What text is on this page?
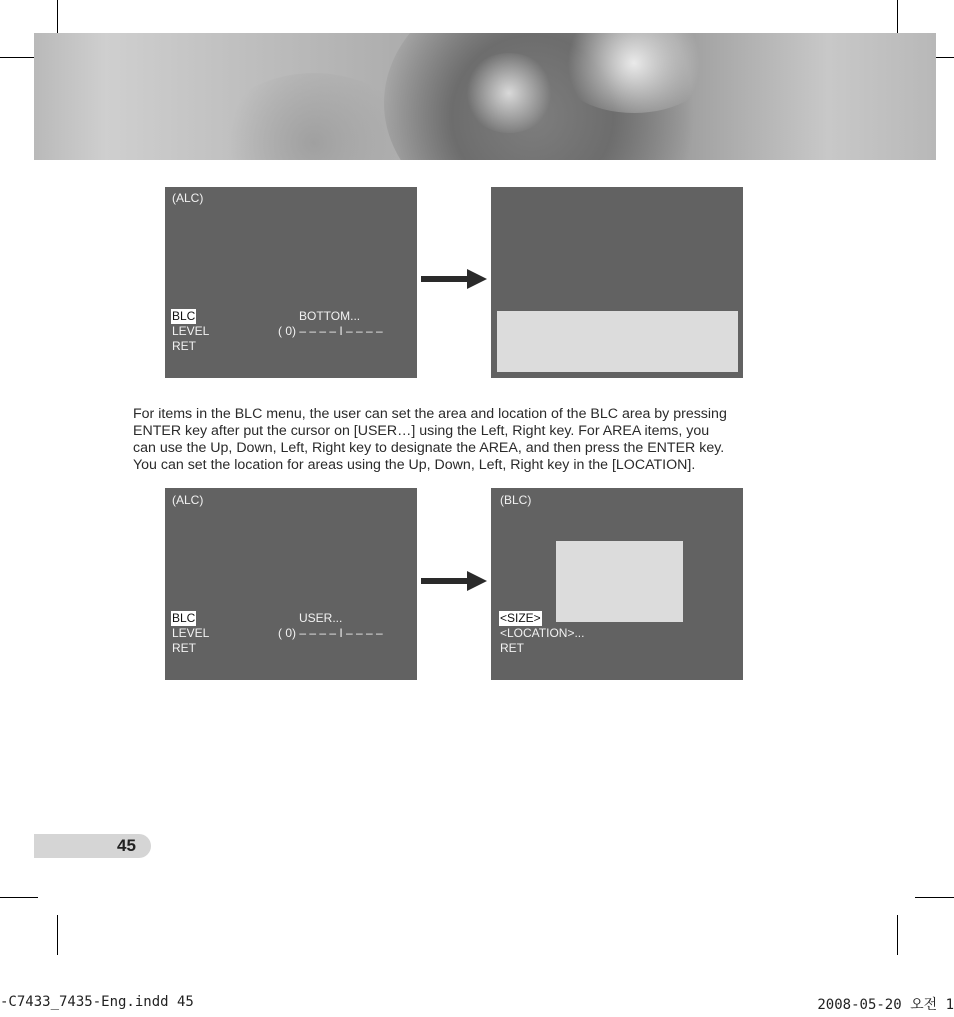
(ALC)
BLC	BOTTOM...
LEVEL	( 0) – – – – I – – – –
RET
For items in the BLC menu, the user can set the area and location of the BLC area by pressing
ENTER key after put the cursor on [USER…] using the Left, Right key. For AREA items, you
can use the Up, Down, Left, Right key to designate the AREA, and then press the ENTER key.
You can set the location for areas using the Up, Down, Left, Right key in the [LOCATION].
(ALC)
BLC	USER...
LEVEL	( 0) – – – – I – – – –
RET
(BLC)
<SIZE>
<LOCATION>...
RET
45
-C7433_7435-Eng.indd 45	2008-05-20 오전 1
